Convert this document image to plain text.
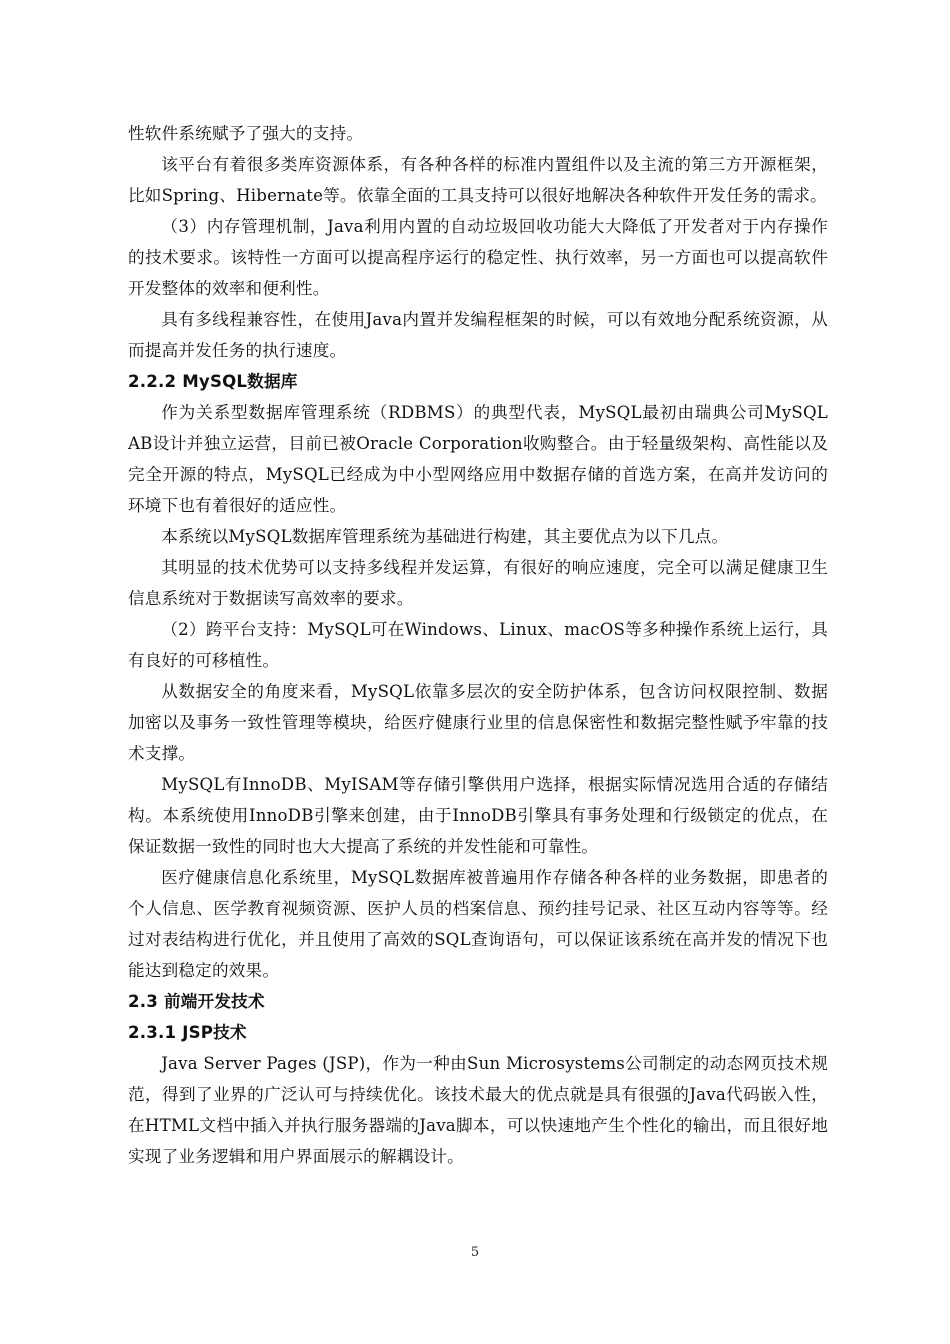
性软件系统赋予了强大的支持。

该平台有着很多类库资源体系，有各种各样的标准内置组件以及主流的第三方开源框架，比如Spring、Hibernate等。依靠全面的工具支持可以很好地解决各种软件开发任务的需求。

（3）内存管理机制，Java利用内置的自动垃圾回收功能大大降低了开发者对于内存操作的技术要求。该特性一方面可以提高程序运行的稳定性、执行效率，另一方面也可以提高软件开发整体的效率和便利性。

具有多线程兼容性，在使用Java内置并发编程框架的时候，可以有效地分配系统资源，从而提高并发任务的执行速度。

2.2.2 MySQL数据库

作为关系型数据库管理系统（RDBMS）的典型代表，MySQL最初由瑞典公司MySQL AB设计并独立运营，目前已被Oracle Corporation收购整合。由于轻量级架构、高性能以及完全开源的特点，MySQL已经成为中小型网络应用中数据存储的首选方案，在高并发访问的环境下也有着很好的适应性。

本系统以MySQL数据库管理系统为基础进行构建，其主要优点为以下几点。

其明显的技术优势可以支持多线程并发运算，有很好的响应速度，完全可以满足健康卫生信息系统对于数据读写高效率的要求。

（2）跨平台支持：MySQL可在Windows、Linux、macOS等多种操作系统上运行，具有良好的可移植性。

从数据安全的角度来看，MySQL依靠多层次的安全防护体系，包含访问权限控制、数据加密以及事务一致性管理等模块，给医疗健康行业里的信息保密性和数据完整性赋予牢靠的技术支撑。

MySQL有InnoDB、MyISAM等存储引擎供用户选择，根据实际情况选用合适的存储结构。本系统使用InnoDB引擎来创建，由于InnoDB引擎具有事务处理和行级锁定的优点，在保证数据一致性的同时也大大提高了系统的并发性能和可靠性。

医疗健康信息化系统里，MySQL数据库被普遍用作存储各种各样的业务数据，即患者的个人信息、医学教育视频资源、医护人员的档案信息、预约挂号记录、社区互动内容等等。经过对表结构进行优化，并且使用了高效的SQL查询语句，可以保证该系统在高并发的情况下也能达到稳定的效果。

2.3 前端开发技术

2.3.1 JSP技术

Java Server Pages (JSP)，作为一种由Sun Microsystems公司制定的动态网页技术规范，得到了业界的广泛认可与持续优化。该技术最大的优点就是具有很强的Java代码嵌入性，在HTML文档中插入并执行服务器端的Java脚本，可以快速地产生个性化的输出，而且很好地实现了业务逻辑和用户界面展示的解耦设计。

5
